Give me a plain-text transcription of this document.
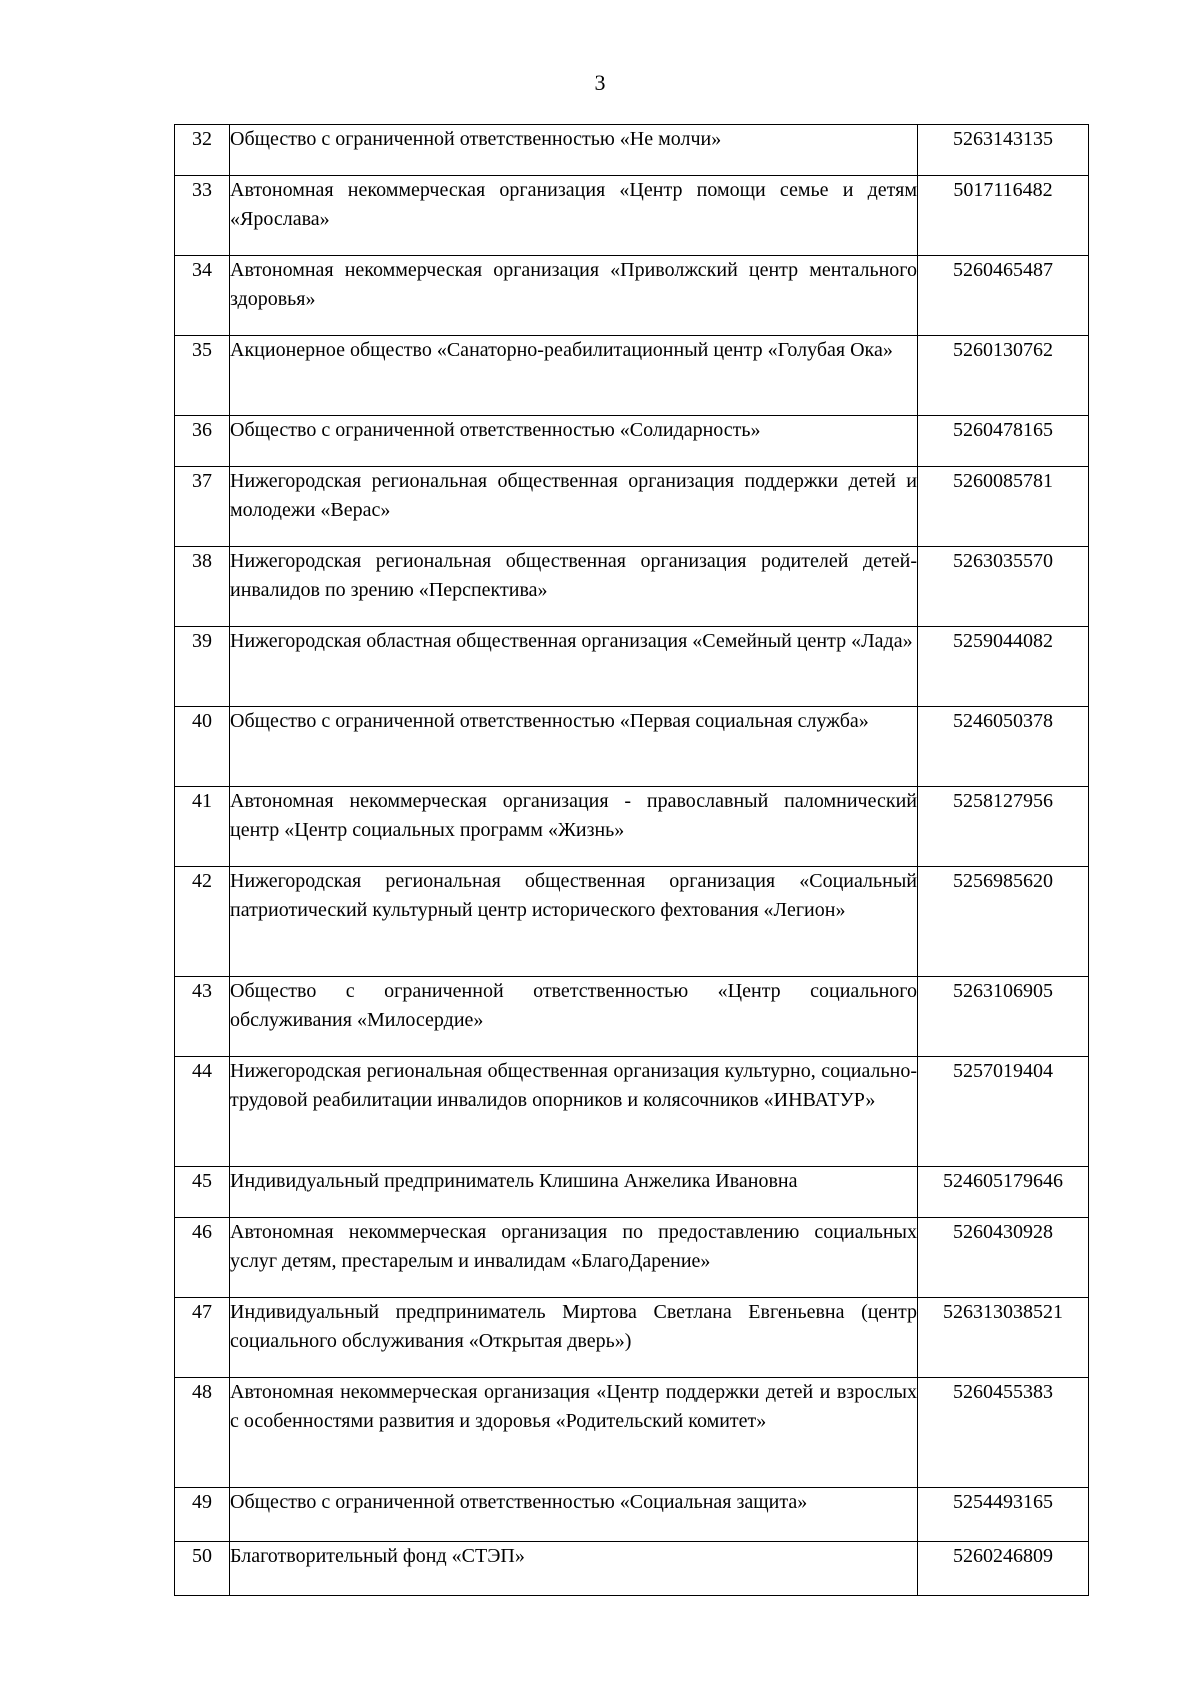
3
32	Общество с ограниченной ответственностью «Не молчи»	5263143135
33	Автономная некоммерческая организация «Центр помощи семье и детям «Ярослава»	5017116482
34	Автономная некоммерческая организация «Приволжский центр ментального здоровья»	5260465487
35	Акционерное общество «Санаторно-реабилитационный центр «Голубая Ока»	5260130762
36	Общество с ограниченной ответственностью «Солидарность»	5260478165
37	Нижегородская региональная общественная организация поддержки детей и молодежи «Верас»	5260085781
38	Нижегородская региональная общественная организация родителей детей-инвалидов по зрению «Перспектива»	5263035570
39	Нижегородская областная общественная организация «Семейный центр «Лада»	5259044082
40	Общество с ограниченной ответственностью «Первая социальная служба»	5246050378
41	Автономная некоммерческая организация - православный паломнический центр «Центр социальных программ «Жизнь»	5258127956
42	Нижегородская региональная общественная организация «Социальный патриотический культурный центр исторического фехтования «Легион»	5256985620
43	Общество с ограниченной ответственностью «Центр социального обслуживания «Милосердие»	5263106905
44	Нижегородская региональная общественная организация культурно, социально-трудовой реабилитации инвалидов опорников и колясочников «ИНВАТУР»	5257019404
45	Индивидуальный предприниматель Клишина Анжелика Ивановна	524605179646
46	Автономная некоммерческая организация по предоставлению социальных услуг детям, престарелым и инвалидам «БлагоДарение»	5260430928
47	Индивидуальный предприниматель Миртова Светлана Евгеньевна (центр социального обслуживания «Открытая дверь»)	526313038521
48	Автономная некоммерческая организация «Центр поддержки детей и взрослых с особенностями развития и здоровья «Родительский комитет»	5260455383
49	Общество с ограниченной ответственностью «Социальная защита»	5254493165
50	Благотворительный фонд «СТЭП»	5260246809
